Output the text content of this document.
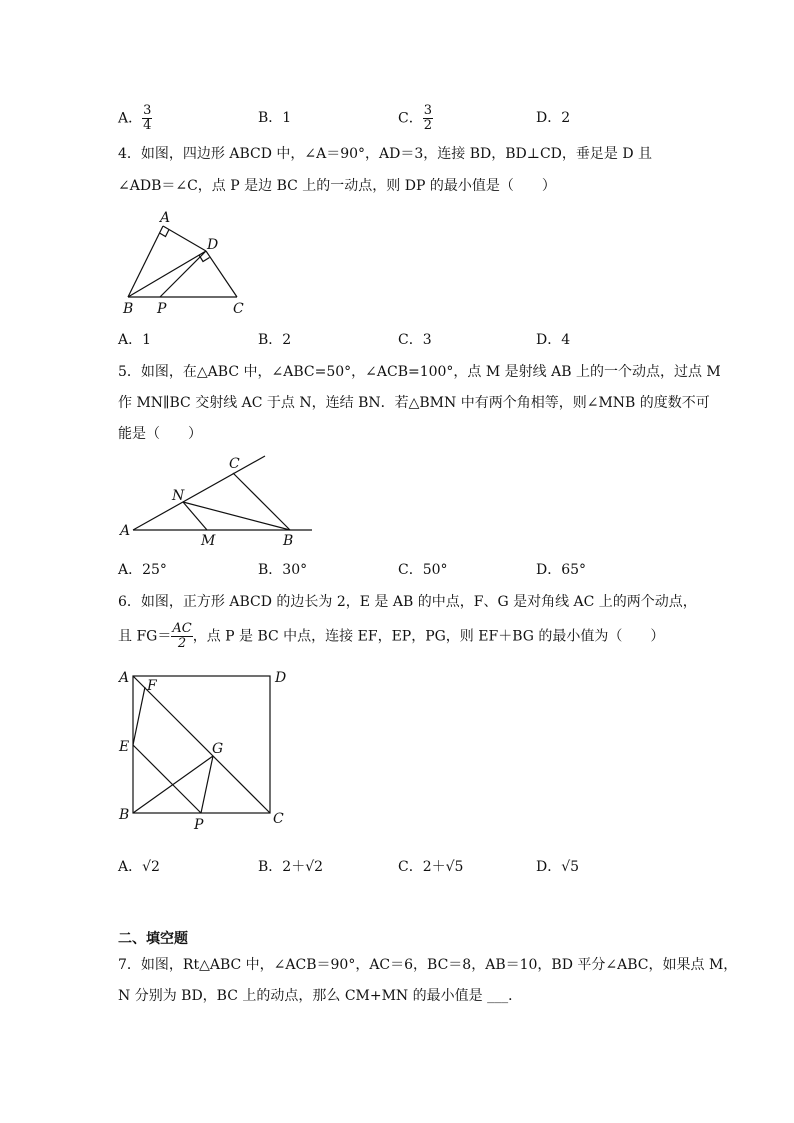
A． $\frac{3}{4}$	B．1	C． $\frac{3}{2}$	D．2
4．如图，四边形 ABCD 中，∠A＝90°，AD＝3，连接 BD，BD⊥CD，垂足是 D 且
∠ADB＝∠C，点 P 是边 BC 上的一动点，则 DP 的最小值是（　　）
A
D
B P	C
A．1	B．2	C．3	D．4
5．如图，在△ABC 中，∠ABC=50°，∠ACB=100°，点 M 是射线 AB 上的一个动点，过点 M
作 MN∥BC 交射线 AC 于点 N，连结 BN．若△BMN 中有两个角相等，则∠MNB 的度数不可
能是（　　）
C
N
A
M	B
A．25°	B．30°	C．50°	D．65°
6．如图，正方形 ABCD 的边长为 2，E 是 AB 的中点，F、G 是对角线 AC 上的两个动点，
且 $FG= \frac{AC}{2}$ ，点 P 是 BC 中点，连接 EF，EP，PG，则 EF＋BG 的最小值为（　　）
A F	D
E	G
B
P	C
A．√2	B．2＋√2	C．2＋√5	D．√5
二、填空题
7．如图，Rt△ABC 中，∠ACB＝90°，AC＝6，BC＝8，AB＝10，BD 平分∠ABC，如果点 M，
N 分别为 BD，BC 上的动点，那么 CM+MN 的最小值是 ___．
